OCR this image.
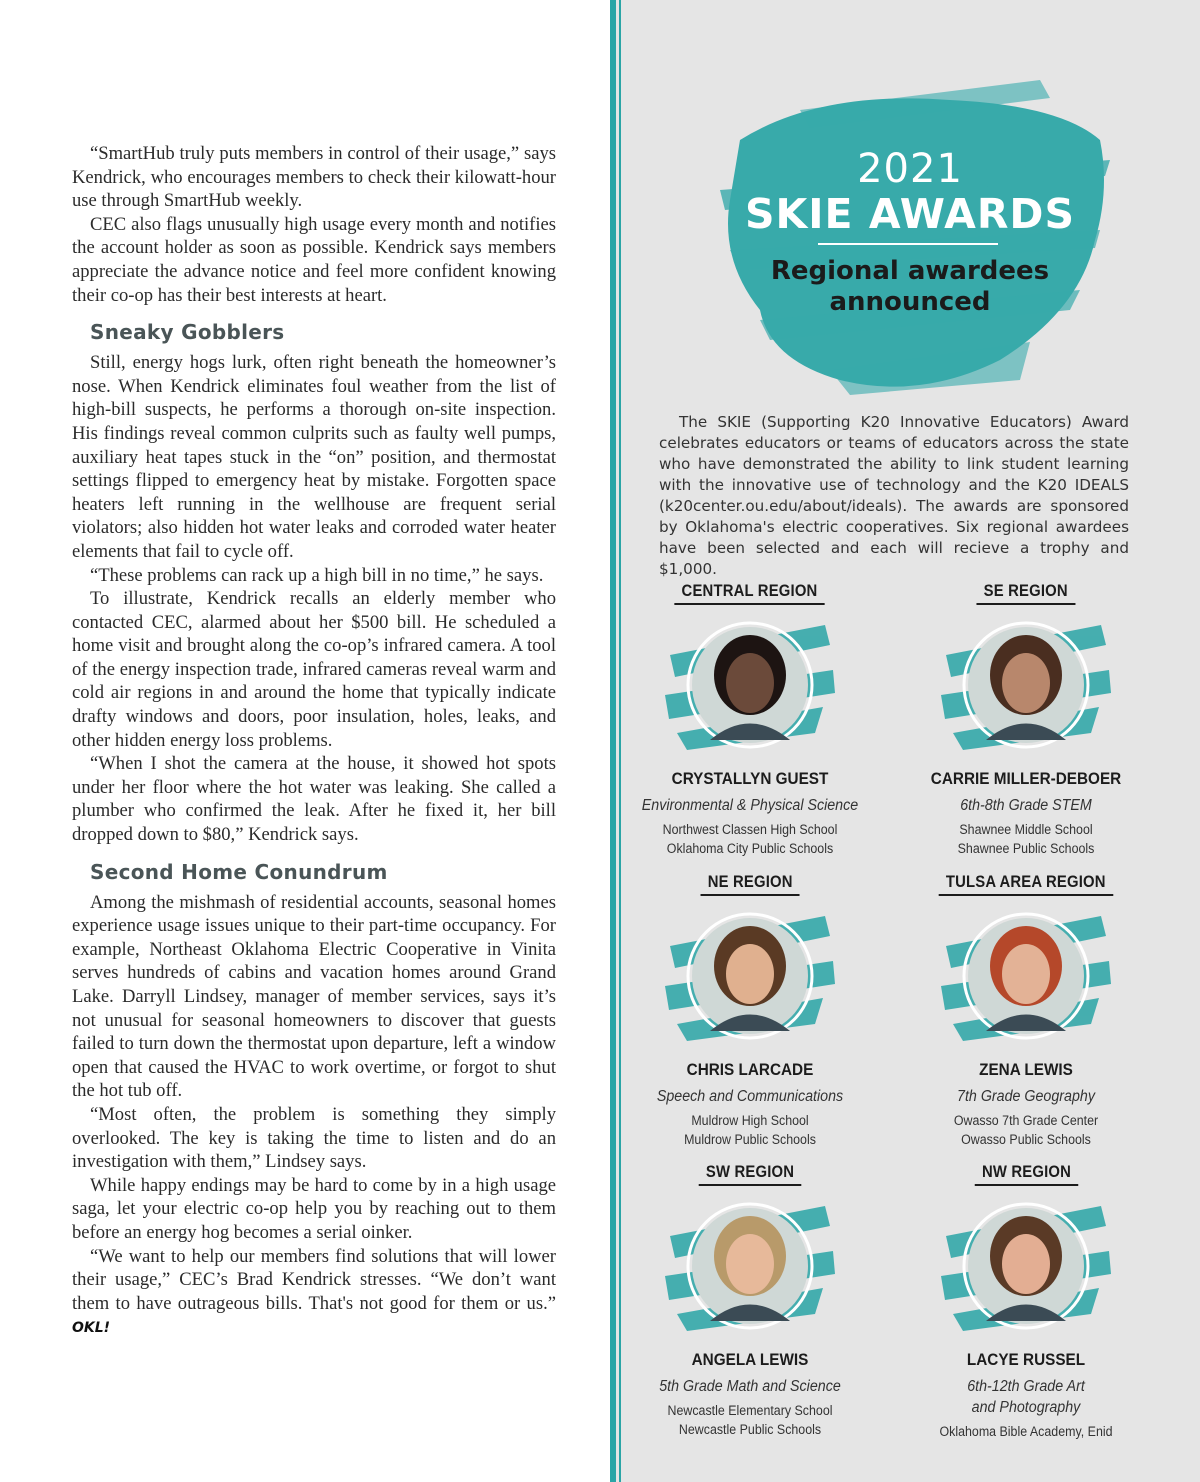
“SmartHub truly puts members in control of their usage,” says Kendrick, who encourages members to check their kilowatt-hour use through SmartHub weekly.

CEC also flags unusually high usage every month and notifies the account holder as soon as possible. Kendrick says members appreciate the advance notice and feel more confident knowing their co-op has their best interests at heart.

Sneaky Gobblers

Still, energy hogs lurk, often right beneath the homeowner’s nose. When Kendrick eliminates foul weather from the list of high-bill suspects, he performs a thorough on-site inspection. His findings reveal common culprits such as faulty well pumps, auxiliary heat tapes stuck in the “on” position, and thermostat settings flipped to emergency heat by mistake. Forgotten space heaters left running in the wellhouse are frequent serial violators; also hidden hot water leaks and corroded water heater elements that fail to cycle off.

“These problems can rack up a high bill in no time,” he says.

To illustrate, Kendrick recalls an elderly member who contacted CEC, alarmed about her $500 bill. He scheduled a home visit and brought along the co-op’s infrared camera. A tool of the energy inspection trade, infrared cameras reveal warm and cold air regions in and around the home that typically indicate drafty windows and doors, poor insulation, holes, leaks, and other hidden energy loss problems.

“When I shot the camera at the house, it showed hot spots under her floor where the hot water was leaking. She called a plumber who confirmed the leak. After he fixed it, her bill dropped down to $80,” Kendrick says.

Second Home Conundrum

Among the mishmash of residential accounts, seasonal homes experience usage issues unique to their part-time occupancy. For example, Northeast Oklahoma Electric Cooperative in Vinita serves hundreds of cabins and vacation homes around Grand Lake. Darryll Lindsey, manager of member services, says it’s not unusual for seasonal homeowners to discover that guests failed to turn down the thermostat upon departure, left a window open that caused the HVAC to work overtime, or forgot to shut the hot tub off.

“Most often, the problem is something they simply overlooked. The key is taking the time to listen and do an investigation with them,” Lindsey says.

While happy endings may be hard to come by in a high usage saga, let your electric co-op help you by reaching out to them before an energy hog becomes a serial oinker.

“We want to help our members find solutions that will lower their usage,” CEC’s Brad Kendrick stresses. “We don’t want them to have outrageous bills. That's not good for them or us.” OKL!

2021
SKIE AWARDS
Regional awardees
announced
The SKIE (Supporting K20 Innovative Educators) Award celebrates educators or teams of educators across the state who have demonstrated the ability to link student learning with the innovative use of technology and the K20 IDEALS (k20center.ou.edu/about/ideals). The awards are sponsored by Oklahoma's electric cooperatives. Six regional awardees have been selected and each will recieve a trophy and $1,000.
CENTRAL REGION
CRYSTALLYN GUEST
Environmental & Physical Science
Northwest Classen High School
Oklahoma City Public Schools
SE REGION
CARRIE MILLER-DEBOER
6th-8th Grade STEM
Shawnee Middle School
Shawnee Public Schools
NE REGION
CHRIS LARCADE
Speech and Communications
Muldrow High School
Muldrow Public Schools
TULSA AREA REGION
ZENA LEWIS
7th Grade Geography
Owasso 7th Grade Center
Owasso Public Schools
SW REGION
ANGELA LEWIS
5th Grade Math and Science
Newcastle Elementary School
Newcastle Public Schools
NW REGION
LACYE RUSSEL
6th-12th Grade Art
and Photography
Oklahoma Bible Academy, Enid
